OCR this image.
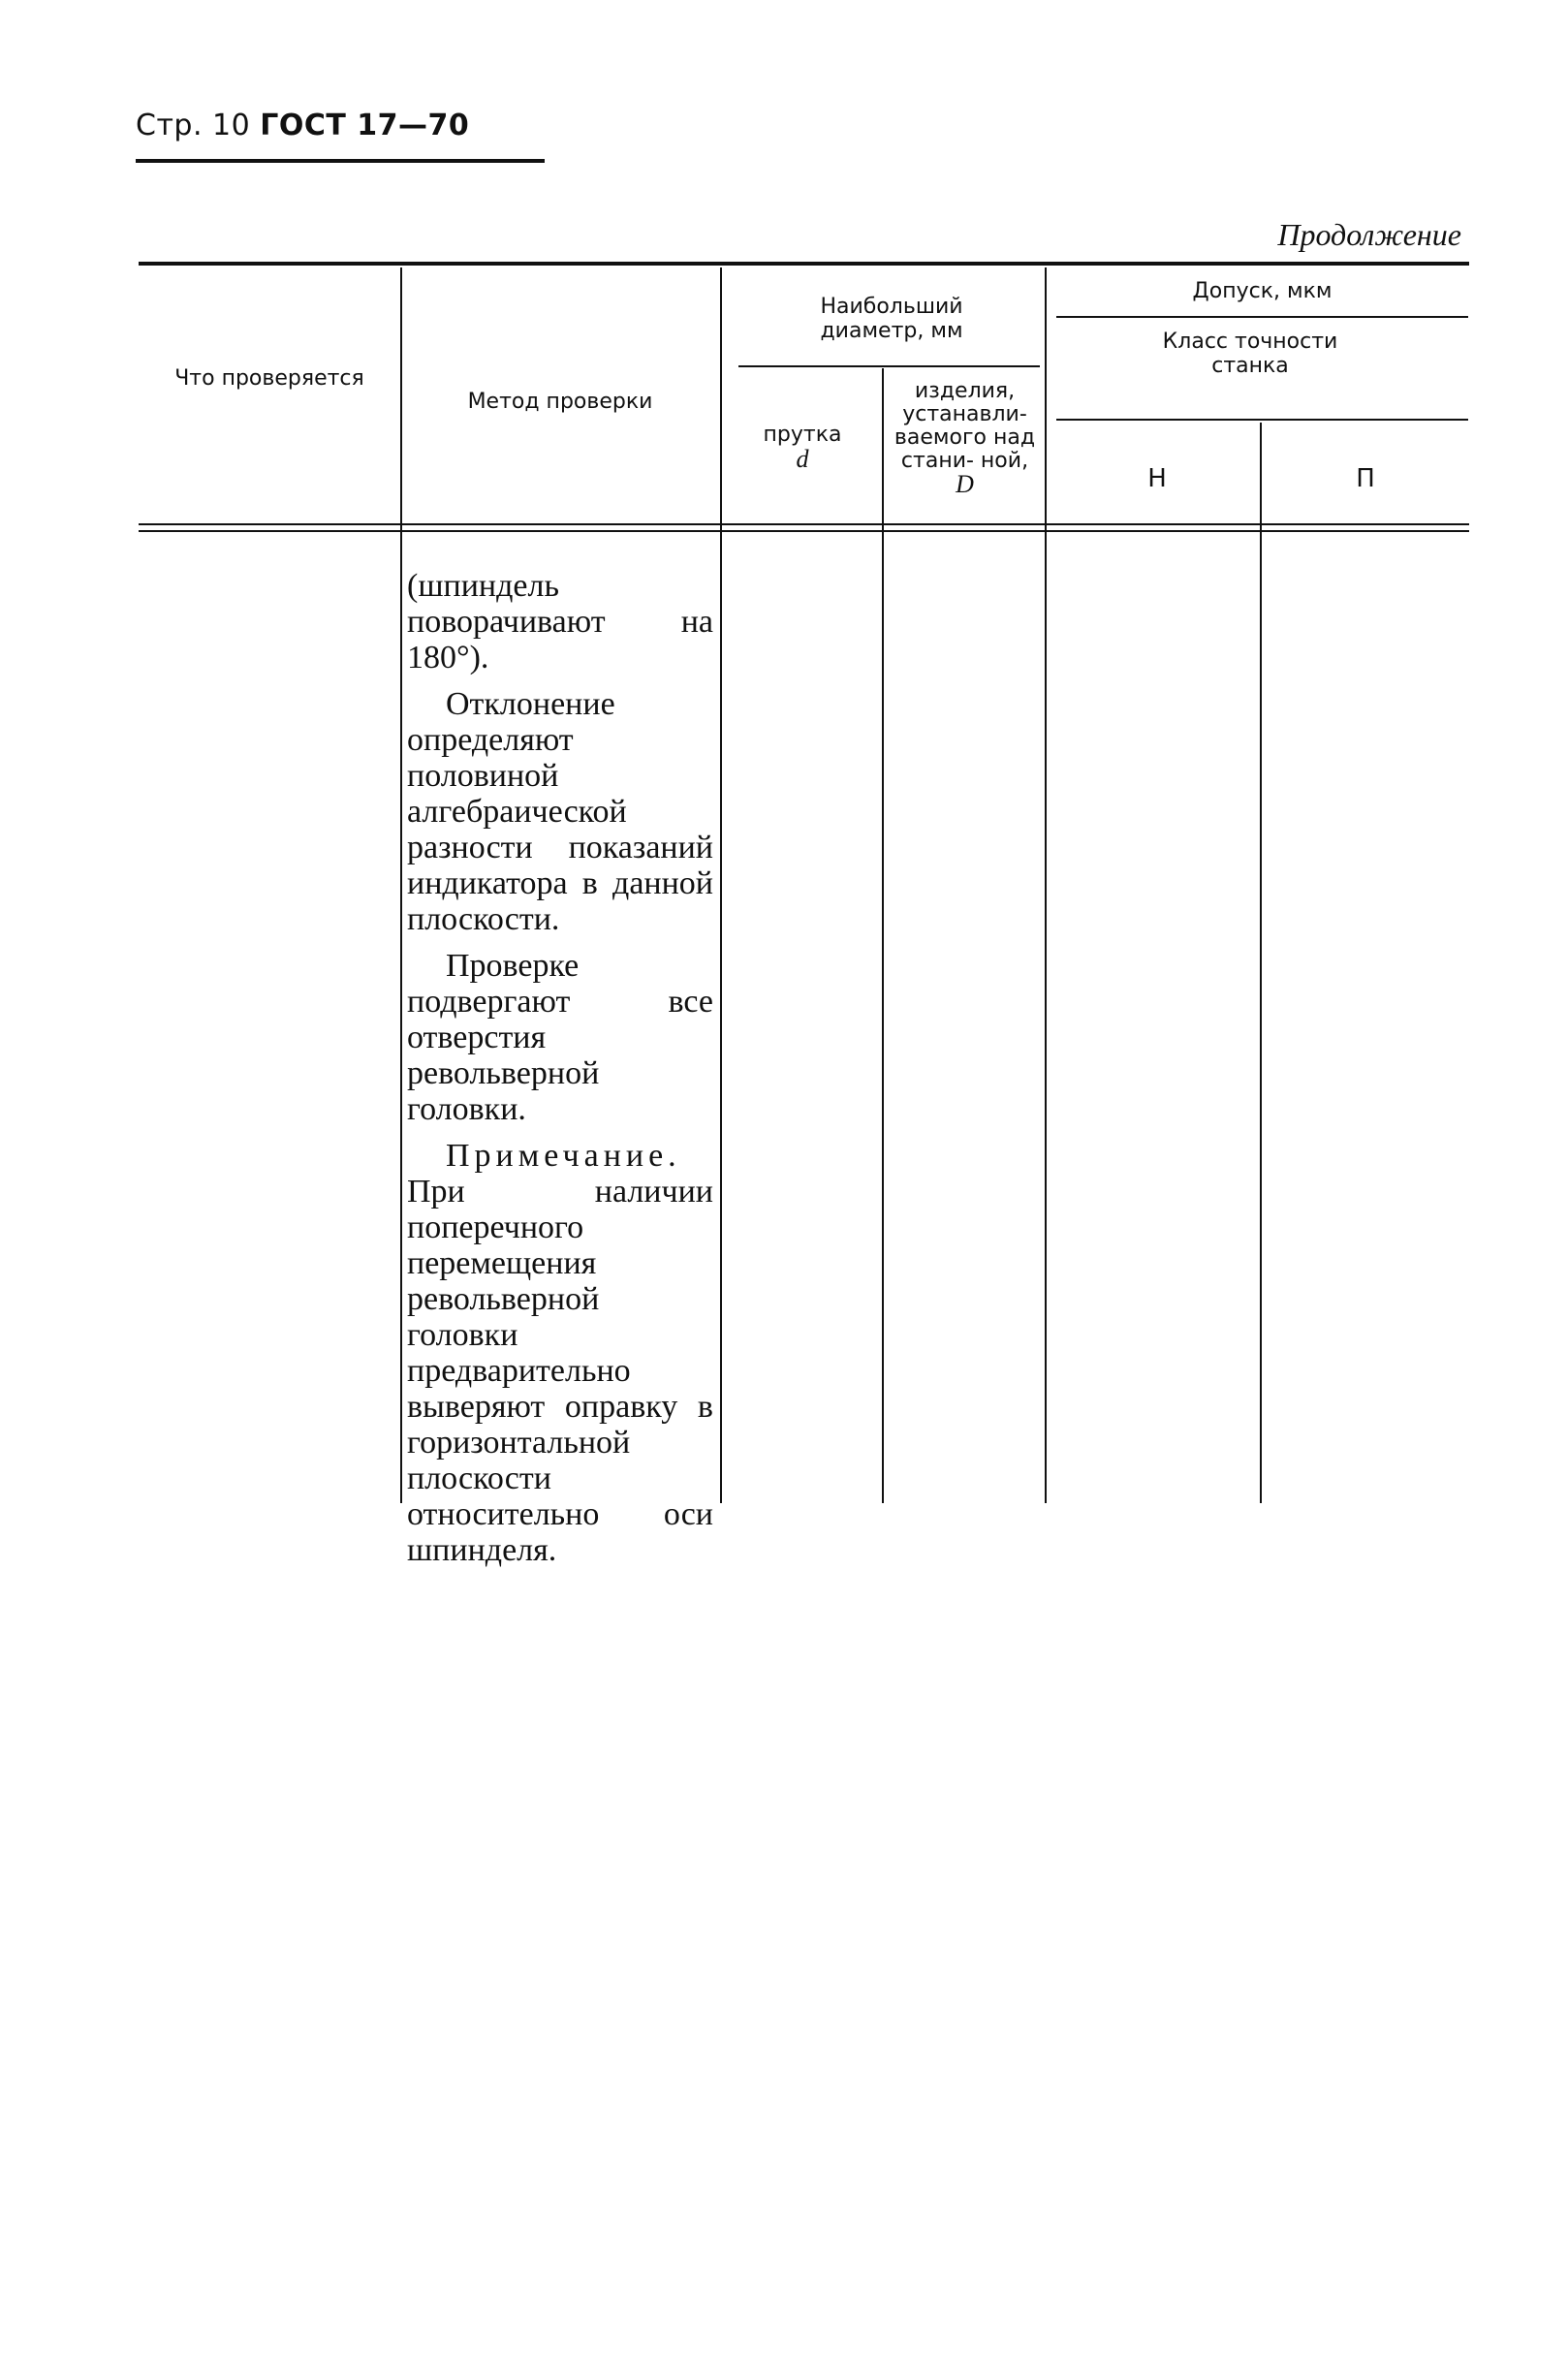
Стр. 10 ГОСТ 17—70
Продолжение
Что проверяется
Метод проверки
Наибольший диаметр, мм
прутка
d
изделия, устанавли- ваемого над стани- ной, D
Допуск, мкм
Класс точности станка
Н	П

(шпиндель поворачивают на 180°).

Отклонение определяют половиной алгебраической разности показаний индикатора в данной плоскости.

Проверке подвергают все отверстия револьверной головки.

Примечание. При наличии поперечного перемещения револьверной головки предварительно выверяют оправку в горизонтальной плоскости относительно оси шпинделя.
